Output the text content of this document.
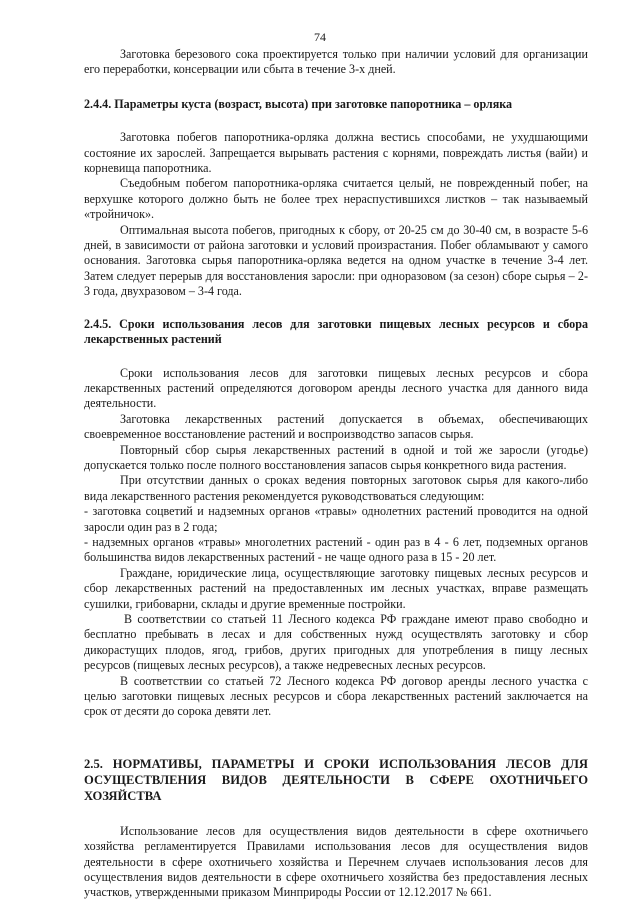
74

Заготовка березового сока проектируется только при наличии условий для организации его переработки, консервации или сбыта в течение 3-х дней.

2.4.4. Параметры куста (возраст, высота) при заготовке папоротника – орляка

Заготовка побегов папоротника-орляка должна вестись способами, не ухудшающими состояние их зарослей. Запрещается вырывать растения с корнями, повреждать листья (вайи) и корневища папоротника.

Съедобным побегом папоротника-орляка считается целый, не поврежденный побег, на верхушке которого должно быть не более трех нераспустившихся листков – так называемый «тройничок».

Оптимальная высота побегов, пригодных к сбору, от 20-25 см до 30-40 см, в возрасте 5-6 дней, в зависимости от района заготовки и условий произрастания. Побег обламывают у самого основания. Заготовка сырья папоротника-орляка ведется на одном участке в течение 3-4 лет. Затем следует перерыв для восстановления заросли: при одноразовом (за сезон) сборе сырья – 2-3 года, двухразовом – 3-4 года.

2.4.5. Сроки использования лесов для заготовки пищевых лесных ресурсов и сбора лекарственных растений

Сроки использования лесов для заготовки пищевых лесных ресурсов и сбора лекарственных растений определяются договором аренды лесного участка для данного вида деятельности.

Заготовка лекарственных растений допускается в объемах, обеспечивающих своевременное восстановление растений и воспроизводство запасов сырья.

Повторный сбор сырья лекарственных растений в одной и той же заросли (угодье) допускается только после полного восстановления запасов сырья конкретного вида растения.

При отсутствии данных о сроках ведения повторных заготовок сырья для какого-либо вида лекарственного растения рекомендуется руководствоваться следующим:

- заготовка соцветий и надземных органов «травы» однолетних растений проводится на одной заросли один раз в 2 года;

- надземных органов «травы» многолетних растений - один раз в 4 - 6 лет, подземных органов большинства видов лекарственных растений - не чаще одного раза в 15 - 20 лет.

Граждане, юридические лица, осуществляющие заготовку пищевых лесных ресурсов и сбор лекарственных растений на предоставленных им лесных участках, вправе размещать сушилки, грибоварни, склады и другие временные постройки.

В соответствии со статьей 11 Лесного кодекса РФ граждане имеют право свободно и бесплатно пребывать в лесах и для собственных нужд осуществлять заготовку и сбор дикорастущих плодов, ягод, грибов, других пригодных для употребления в пищу лесных ресурсов (пищевых лесных ресурсов), а также недревесных лесных ресурсов.

В соответствии со статьей 72 Лесного кодекса РФ договор аренды лесного участка с целью заготовки пищевых лесных ресурсов и сбора лекарственных растений заключается на срок от десяти до сорока девяти лет.

2.5. НОРМАТИВЫ, ПАРАМЕТРЫ И СРОКИ ИСПОЛЬЗОВАНИЯ ЛЕСОВ ДЛЯ ОСУЩЕСТВЛЕНИЯ ВИДОВ ДЕЯТЕЛЬНОСТИ В СФЕРЕ ОХОТНИЧЬЕГО ХОЗЯЙСТВА

Использование лесов для осуществления видов деятельности в сфере охотничьего хозяйства регламентируется Правилами использования лесов для осуществления видов деятельности в сфере охотничьего хозяйства и Перечнем случаев использования лесов для осуществления видов деятельности в сфере охотничьего хозяйства без предоставления лесных участков, утвержденными приказом Минприроды России от 12.12.2017 № 661.
